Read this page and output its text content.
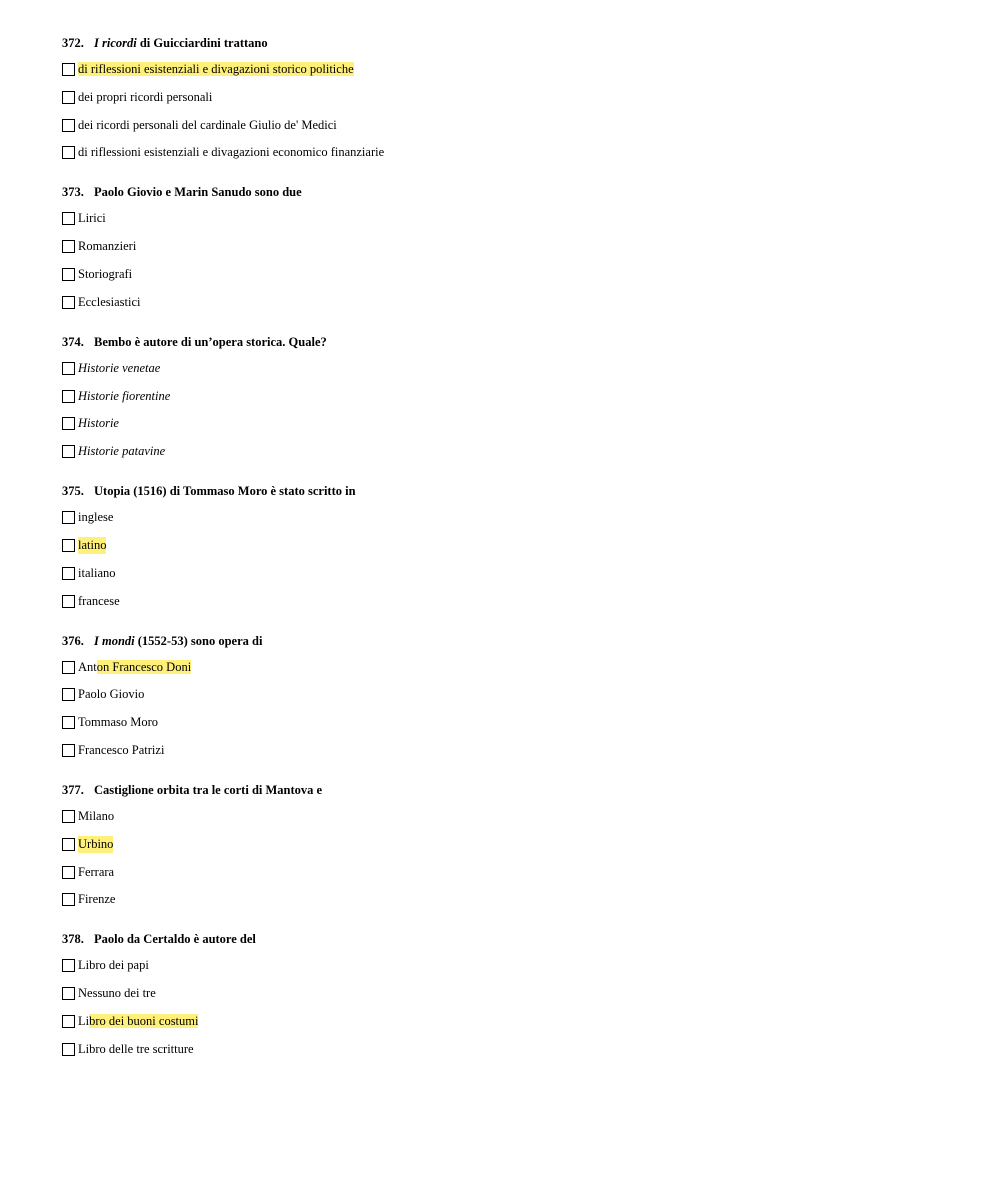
372. I ricordi di Guicciardini trattano
di riflessioni esistenziali e divagazioni storico politiche
dei propri ricordi personali
dei ricordi personali del cardinale Giulio de' Medici
di riflessioni esistenziali e divagazioni economico finanziarie
373. Paolo Giovio e Marin Sanudo sono due
Lirici
Romanzieri
Storiografi
Ecclesiastici
374. Bembo è autore di un’opera storica. Quale?
Historie venetae
Historie fiorentine
Historie
Historie patavine
375. Utopia (1516) di Tommaso Moro è stato scritto in
inglese
latino
italiano
francese
376. I mondi (1552-53) sono opera di
Anton Francesco Doni
Paolo Giovio
Tommaso Moro
Francesco Patrizi
377. Castiglione orbita tra le corti di Mantova e
Milano
Urbino
Ferrara
Firenze
378. Paolo da Certaldo è autore del
Libro dei papi
Nessuno dei tre
Libro dei buoni costumi
Libro delle tre scritture
